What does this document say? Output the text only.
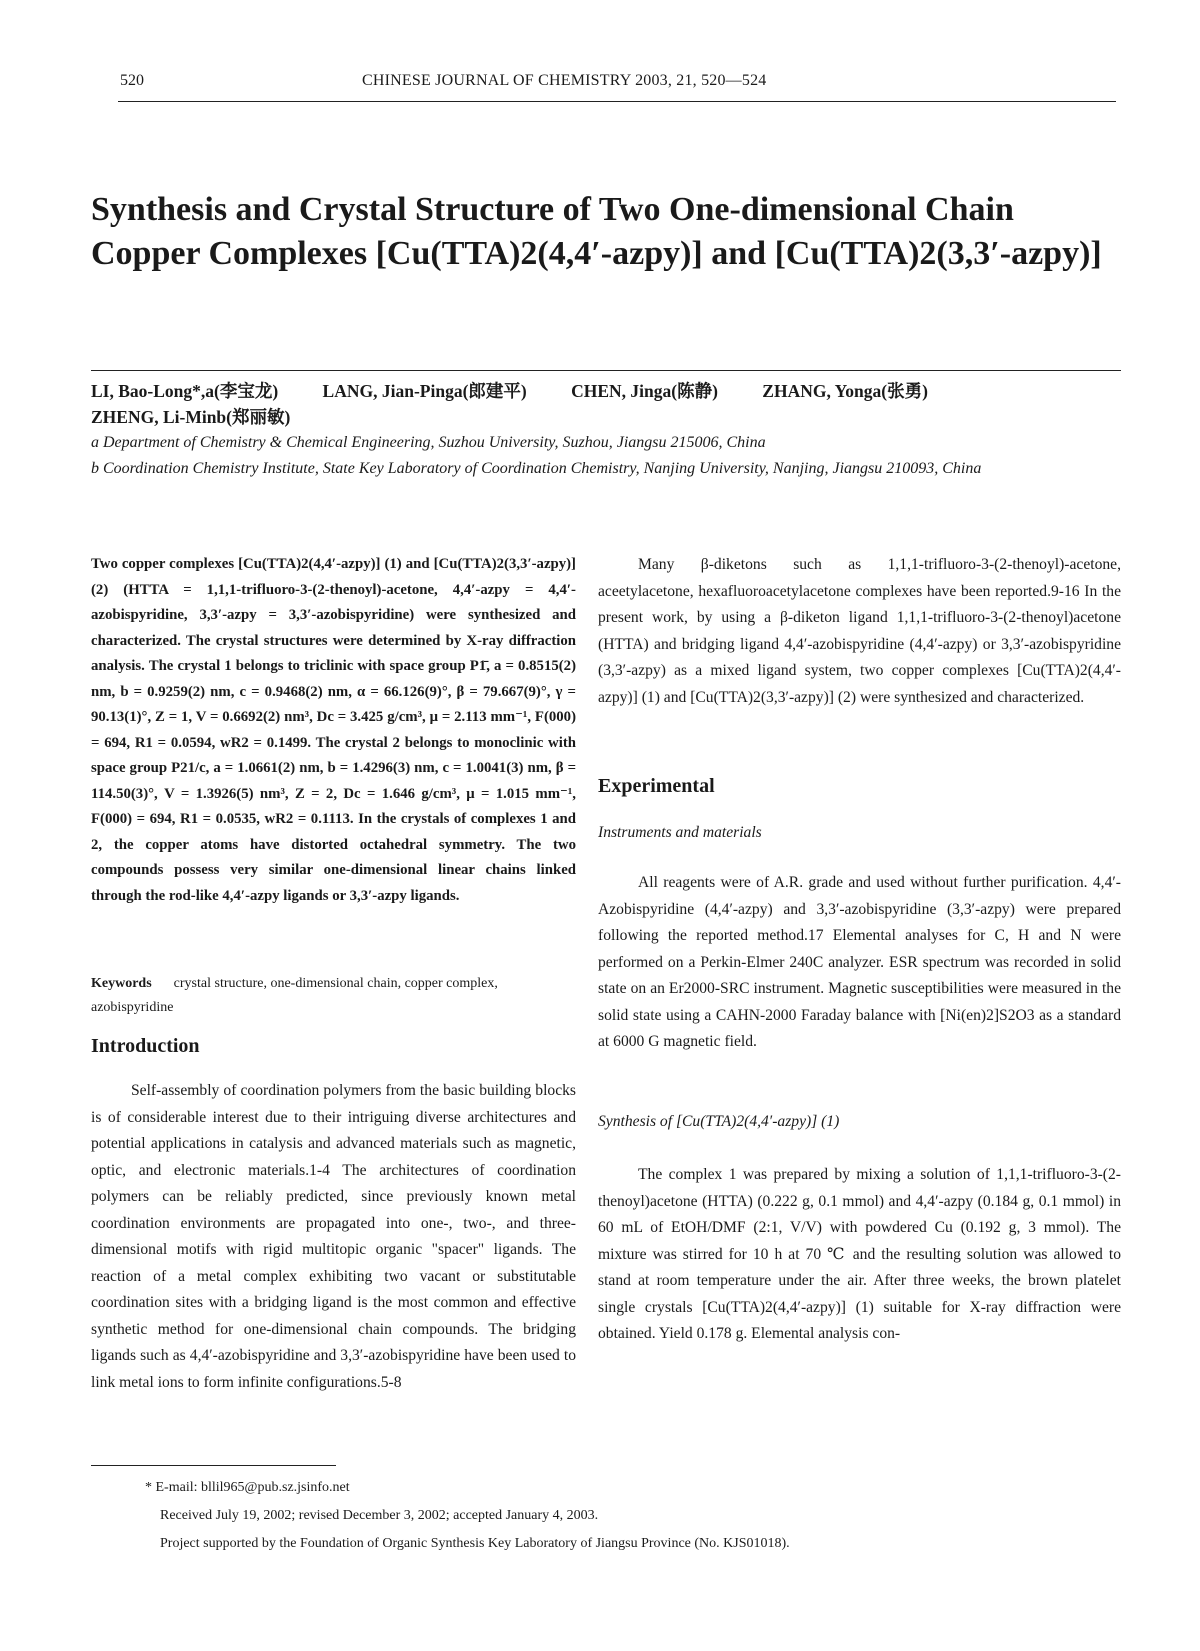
520	CHINESE JOURNAL OF CHEMISTRY 2003, 21, 520—524
Synthesis and Crystal Structure of Two One-dimensional Chain Copper Complexes [Cu(TTA)2(4,4′-azpy)] and [Cu(TTA)2(3,3′-azpy)]
LI, Bao-Long*,a(李宝龙)	LANG, Jian-Pinga(郎建平)	CHEN, Jinga(陈静)	ZHANG, Yonga(张勇)
ZHENG, Li-Minb(郑丽敏)
a Department of Chemistry & Chemical Engineering, Suzhou University, Suzhou, Jiangsu 215006, China
b Coordination Chemistry Institute, State Key Laboratory of Coordination Chemistry, Nanjing University, Nanjing, Jiangsu 210093, China
Two copper complexes [Cu(TTA)2(4,4′-azpy)] (1) and [Cu(TTA)2(3,3′-azpy)] (2) (HTTA = 1,1,1-trifluoro-3-(2-thenoyl)-acetone, 4,4′-azpy = 4,4′-azobispyridine, 3,3′-azpy = 3,3′-azobispyridine) were synthesized and characterized. The crystal structures were determined by X-ray diffraction analysis. The crystal 1 belongs to triclinic with space group P1̄, a = 0.8515(2) nm, b = 0.9259(2) nm, c = 0.9468(2) nm, α = 66.126(9)°, β = 79.667(9)°, γ = 90.13(1)°, Z = 1, V = 0.6692(2) nm³, Dc = 3.425 g/cm³, μ = 2.113 mm⁻¹, F(000) = 694, R1 = 0.0594, wR2 = 0.1499. The crystal 2 belongs to monoclinic with space group P21/c, a = 1.0661(2) nm, b = 1.4296(3) nm, c = 1.0041(3) nm, β = 114.50(3)°, V = 1.3926(5) nm³, Z = 2, Dc = 1.646 g/cm³, μ = 1.015 mm⁻¹, F(000) = 694, R1 = 0.0535, wR2 = 0.1113. In the crystals of complexes 1 and 2, the copper atoms have distorted octahedral symmetry. The two compounds possess very similar one-dimensional linear chains linked through the rod-like 4,4′-azpy ligands or 3,3′-azpy ligands.
Keywords crystal structure, one-dimensional chain, copper complex, azobispyridine
Introduction

Self-assembly of coordination polymers from the basic building blocks is of considerable interest due to their intriguing diverse architectures and potential applications in catalysis and advanced materials such as magnetic, optic, and electronic materials.1-4 The architectures of coordination polymers can be reliably predicted, since previously known metal coordination environments are propagated into one-, two-, and three-dimensional motifs with rigid multitopic organic "spacer" ligands. The reaction of a metal complex exhibiting two vacant or substitutable coordination sites with a bridging ligand is the most common and effective synthetic method for one-dimensional chain compounds. The bridging ligands such as 4,4′-azobispyridine and 3,3′-azobispyridine have been used to link metal ions to form infinite configurations.5-8

Many β-diketons such as 1,1,1-trifluoro-3-(2-thenoyl)-acetone, aceetylacetone, hexafluoroacetylacetone complexes have been reported.9-16 In the present work, by using a β-diketon ligand 1,1,1-trifluoro-3-(2-thenoyl)acetone (HTTA) and bridging ligand 4,4′-azobispyridine (4,4′-azpy) or 3,3′-azobispyridine (3,3′-azpy) as a mixed ligand system, two copper complexes [Cu(TTA)2(4,4′-azpy)] (1) and [Cu(TTA)2(3,3′-azpy)] (2) were synthesized and characterized.

Experimental
Instruments and materials

All reagents were of A.R. grade and used without further purification. 4,4′-Azobispyridine (4,4′-azpy) and 3,3′-azobispyridine (3,3′-azpy) were prepared following the reported method.17 Elemental analyses for C, H and N were performed on a Perkin-Elmer 240C analyzer. ESR spectrum was recorded in solid state on an Er2000-SRC instrument. Magnetic susceptibilities were measured in the solid state using a CAHN-2000 Faraday balance with [Ni(en)2]S2O3 as a standard at 6000 G magnetic field.

Synthesis of [Cu(TTA)2(4,4′-azpy)] (1)

The complex 1 was prepared by mixing a solution of 1,1,1-trifluoro-3-(2-thenoyl)acetone (HTTA) (0.222 g, 0.1 mmol) and 4,4′-azpy (0.184 g, 0.1 mmol) in 60 mL of EtOH/DMF (2:1, V/V) with powdered Cu (0.192 g, 3 mmol). The mixture was stirred for 10 h at 70 ℃ and the resulting solution was allowed to stand at room temperature under the air. After three weeks, the brown platelet single crystals [Cu(TTA)2(4,4′-azpy)] (1) suitable for X-ray diffraction were obtained. Yield 0.178 g. Elemental analysis con-

* E-mail: bllil965@pub.sz.jsinfo.net
Received July 19, 2002; revised December 3, 2002; accepted January 4, 2003.
Project supported by the Foundation of Organic Synthesis Key Laboratory of Jiangsu Province (No. KJS01018).
